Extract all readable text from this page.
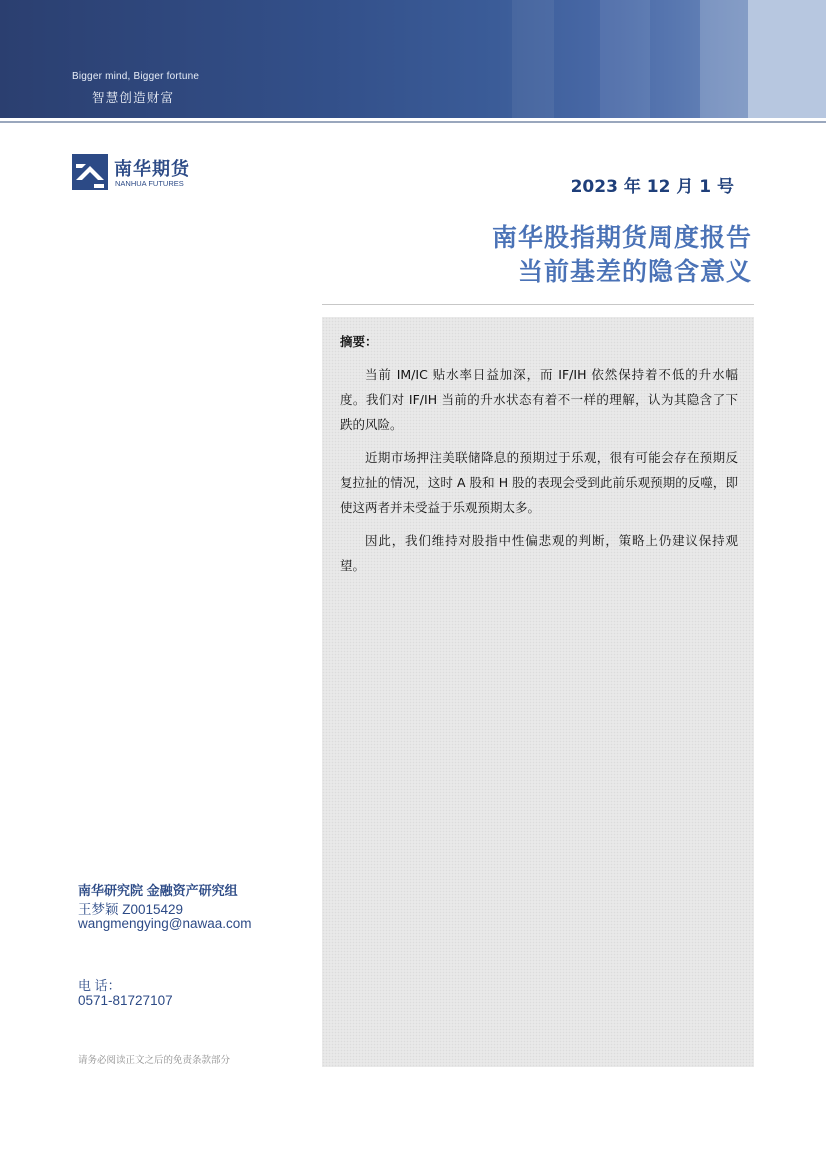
Bigger mind, Bigger fortune
智慧创造财富
南华期货
NANHUA FUTURES	2023 年 12 月 1 号
南华股指期货周度报告
当前基差的隐含意义
摘要：
当前 IM/IC 贴水率日益加深，而 IF/IH 依然保持着不低的升水幅度。我们对 IF/IH 当前的升水状态有着不一样的理解，认为其隐含了下跌的风险。
近期市场押注美联储降息的预期过于乐观，很有可能会存在预期反复拉扯的情况，这时 A 股和 H 股的表现会受到此前乐观预期的反噬，即使这两者并未受益于乐观预期太多。
因此，我们维持对股指中性偏悲观的判断，策略上仍建议保持观望。
南华研究院 金融资产研究组
王梦颖 Z0015429
wangmengying@nawaa.com
电 话：
0571-81727107
请务必阅读正文之后的免责条款部分
